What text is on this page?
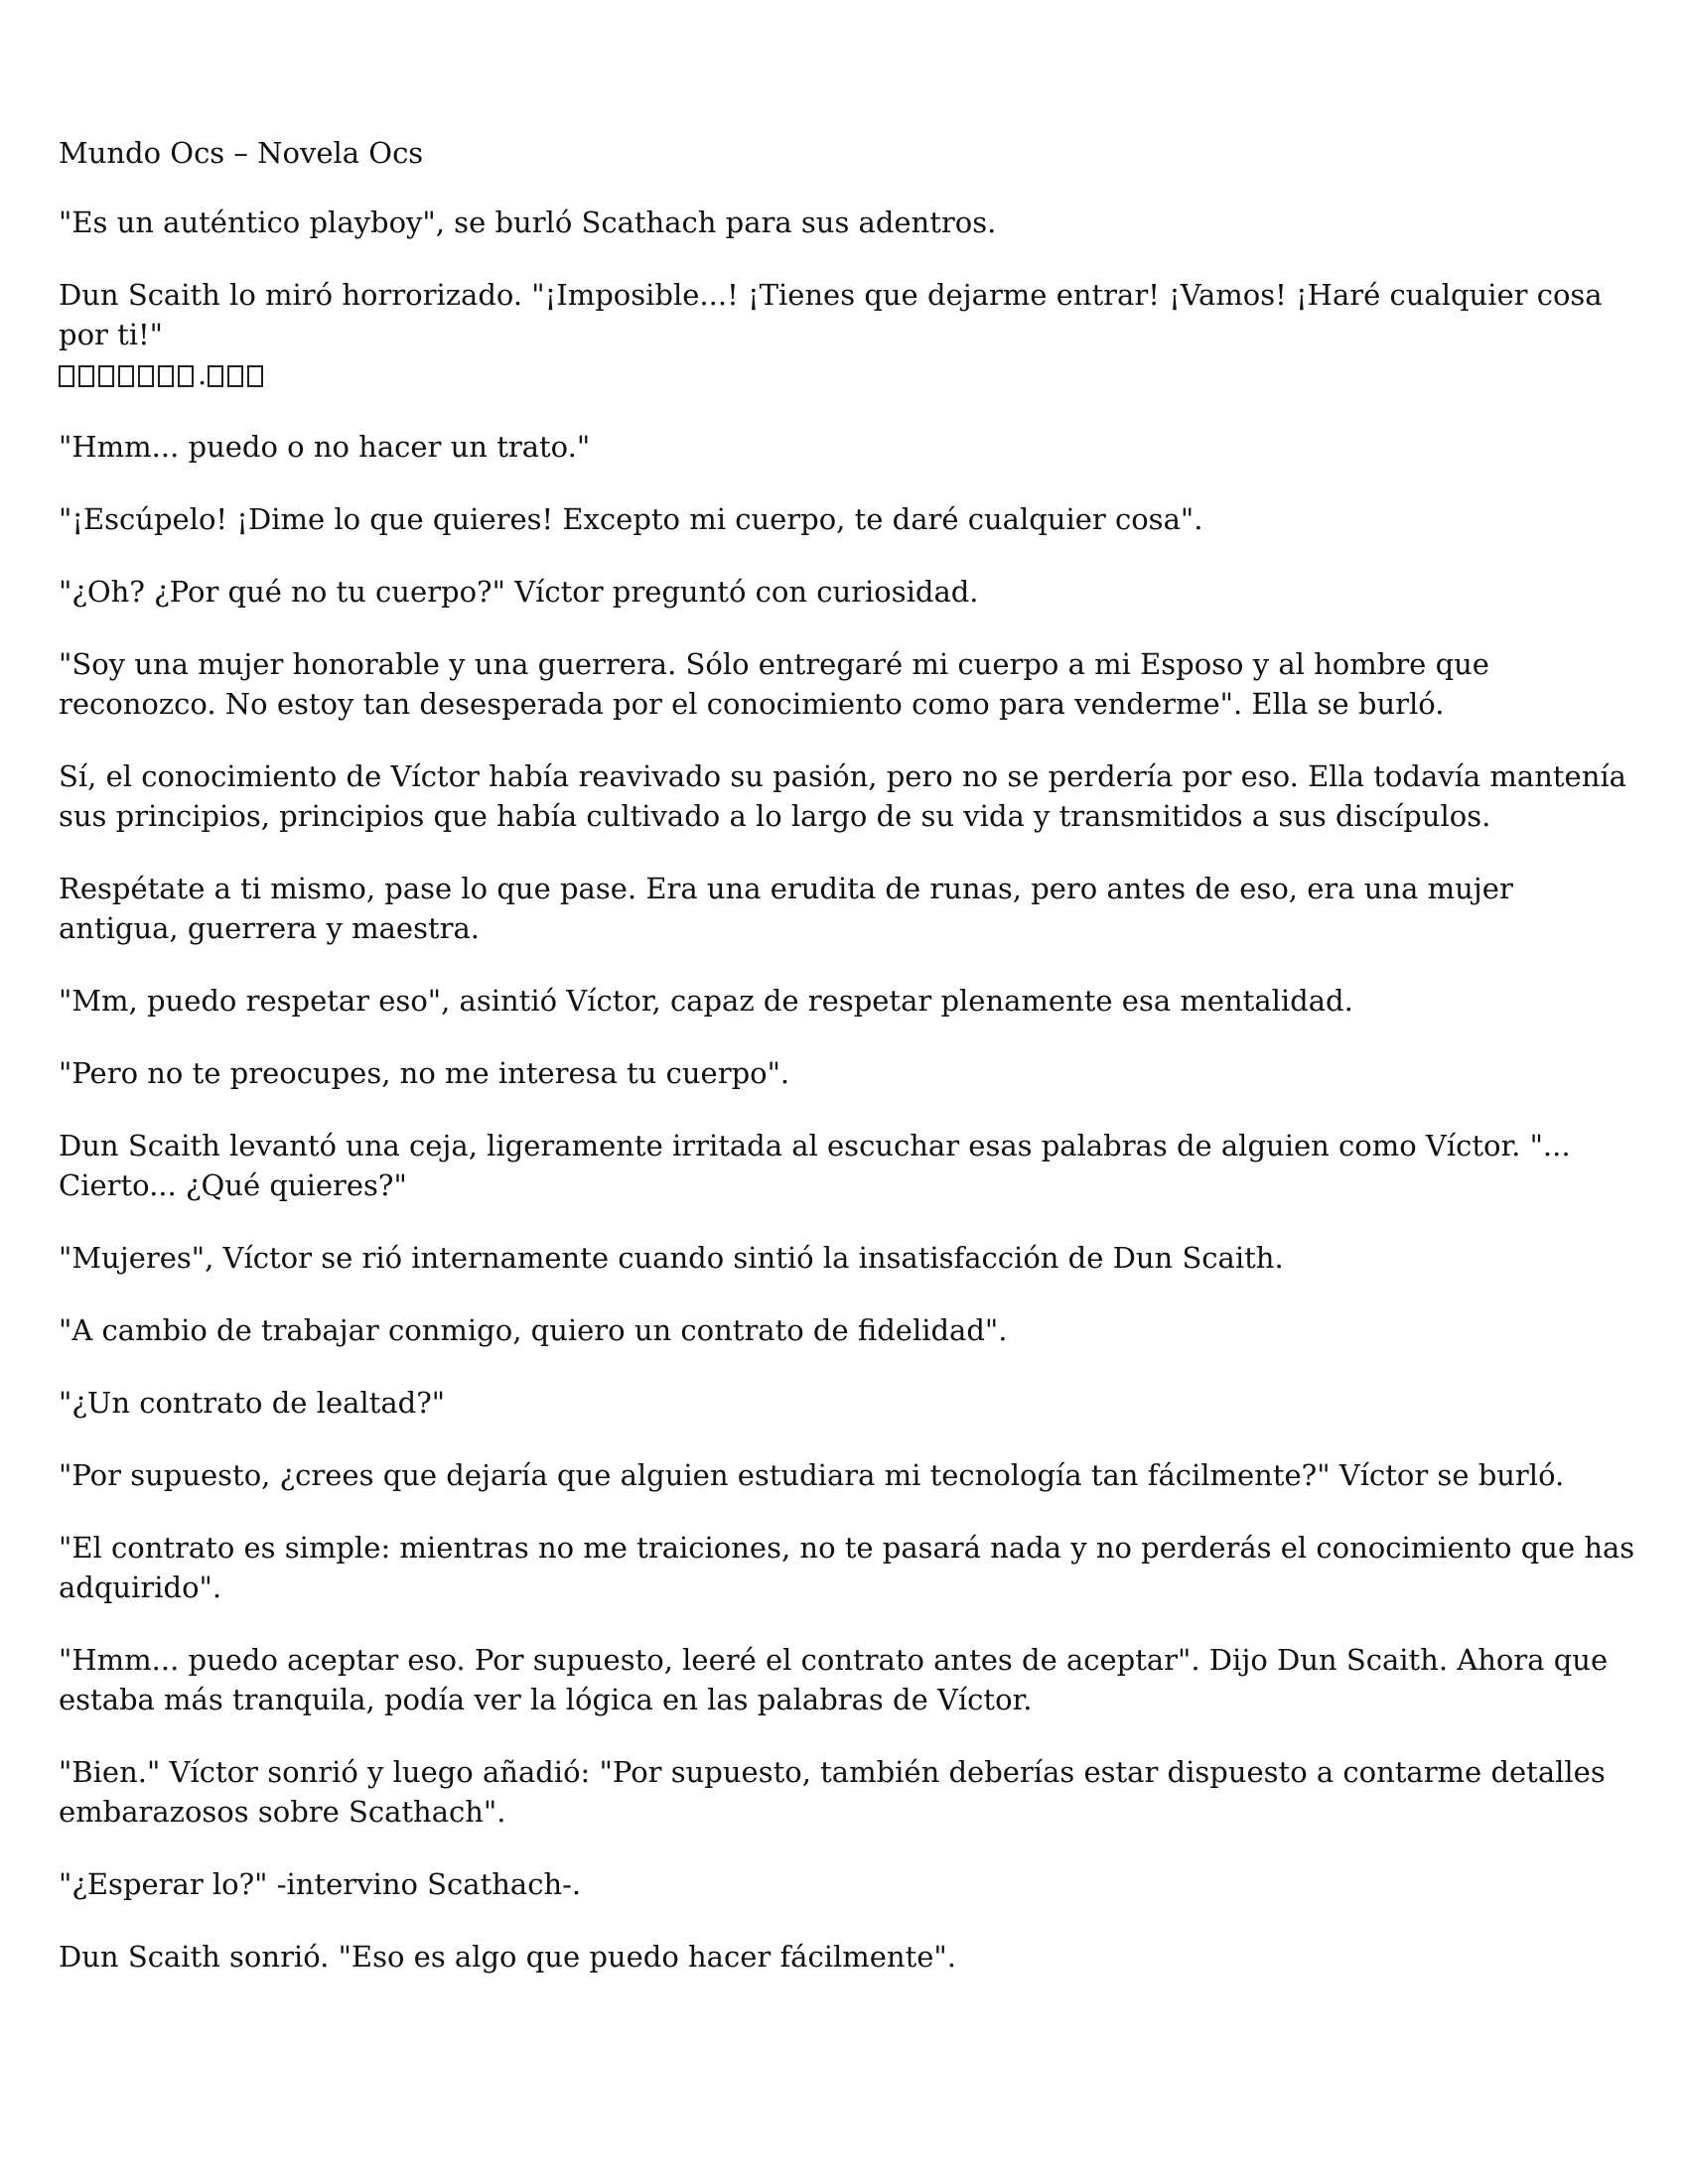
Mundo Ocs – Novela Ocs

"Es un auténtico playboy", se burló Scathach para sus adentros.

Dun Scaith lo miró horrorizado. "¡Imposible...! ¡Tienes que dejarme entrar! ¡Vamos! ¡Haré cualquier cosa por ti!"
.

"Hmm... puedo o no hacer un trato."

"¡Escúpelo! ¡Dime lo que quieres! Excepto mi cuerpo, te daré cualquier cosa".

"¿Oh? ¿Por qué no tu cuerpo?" Víctor preguntó con curiosidad.

"Soy una mujer honorable y una guerrera. Sólo entregaré mi cuerpo a mi Esposo y al hombre que reconozco. No estoy tan desesperada por el conocimiento como para venderme". Ella se burló.

Sí, el conocimiento de Víctor había reavivado su pasión, pero no se perdería por eso. Ella todavía mantenía sus principios, principios que había cultivado a lo largo de su vida y transmitidos a sus discípulos.

Respétate a ti mismo, pase lo que pase. Era una erudita de runas, pero antes de eso, era una mujer antigua, guerrera y maestra.

"Mm, puedo respetar eso", asintió Víctor, capaz de respetar plenamente esa mentalidad.

"Pero no te preocupes, no me interesa tu cuerpo".

Dun Scaith levantó una ceja, ligeramente irritada al escuchar esas palabras de alguien como Víctor. "... Cierto... ¿Qué quieres?"

"Mujeres", Víctor se rió internamente cuando sintió la insatisfacción de Dun Scaith.

"A cambio de trabajar conmigo, quiero un contrato de fidelidad".

"¿Un contrato de lealtad?"

"Por supuesto, ¿crees que dejaría que alguien estudiara mi tecnología tan fácilmente?" Víctor se burló.

"El contrato es simple: mientras no me traiciones, no te pasará nada y no perderás el conocimiento que has adquirido".

"Hmm... puedo aceptar eso. Por supuesto, leeré el contrato antes de aceptar". Dijo Dun Scaith. Ahora que estaba más tranquila, podía ver la lógica en las palabras de Víctor.

"Bien." Víctor sonrió y luego añadió: "Por supuesto, también deberías estar dispuesto a contarme detalles embarazosos sobre Scathach".

"¿Esperar lo?" -intervino Scathach-.

Dun Scaith sonrió. "Eso es algo que puedo hacer fácilmente".
